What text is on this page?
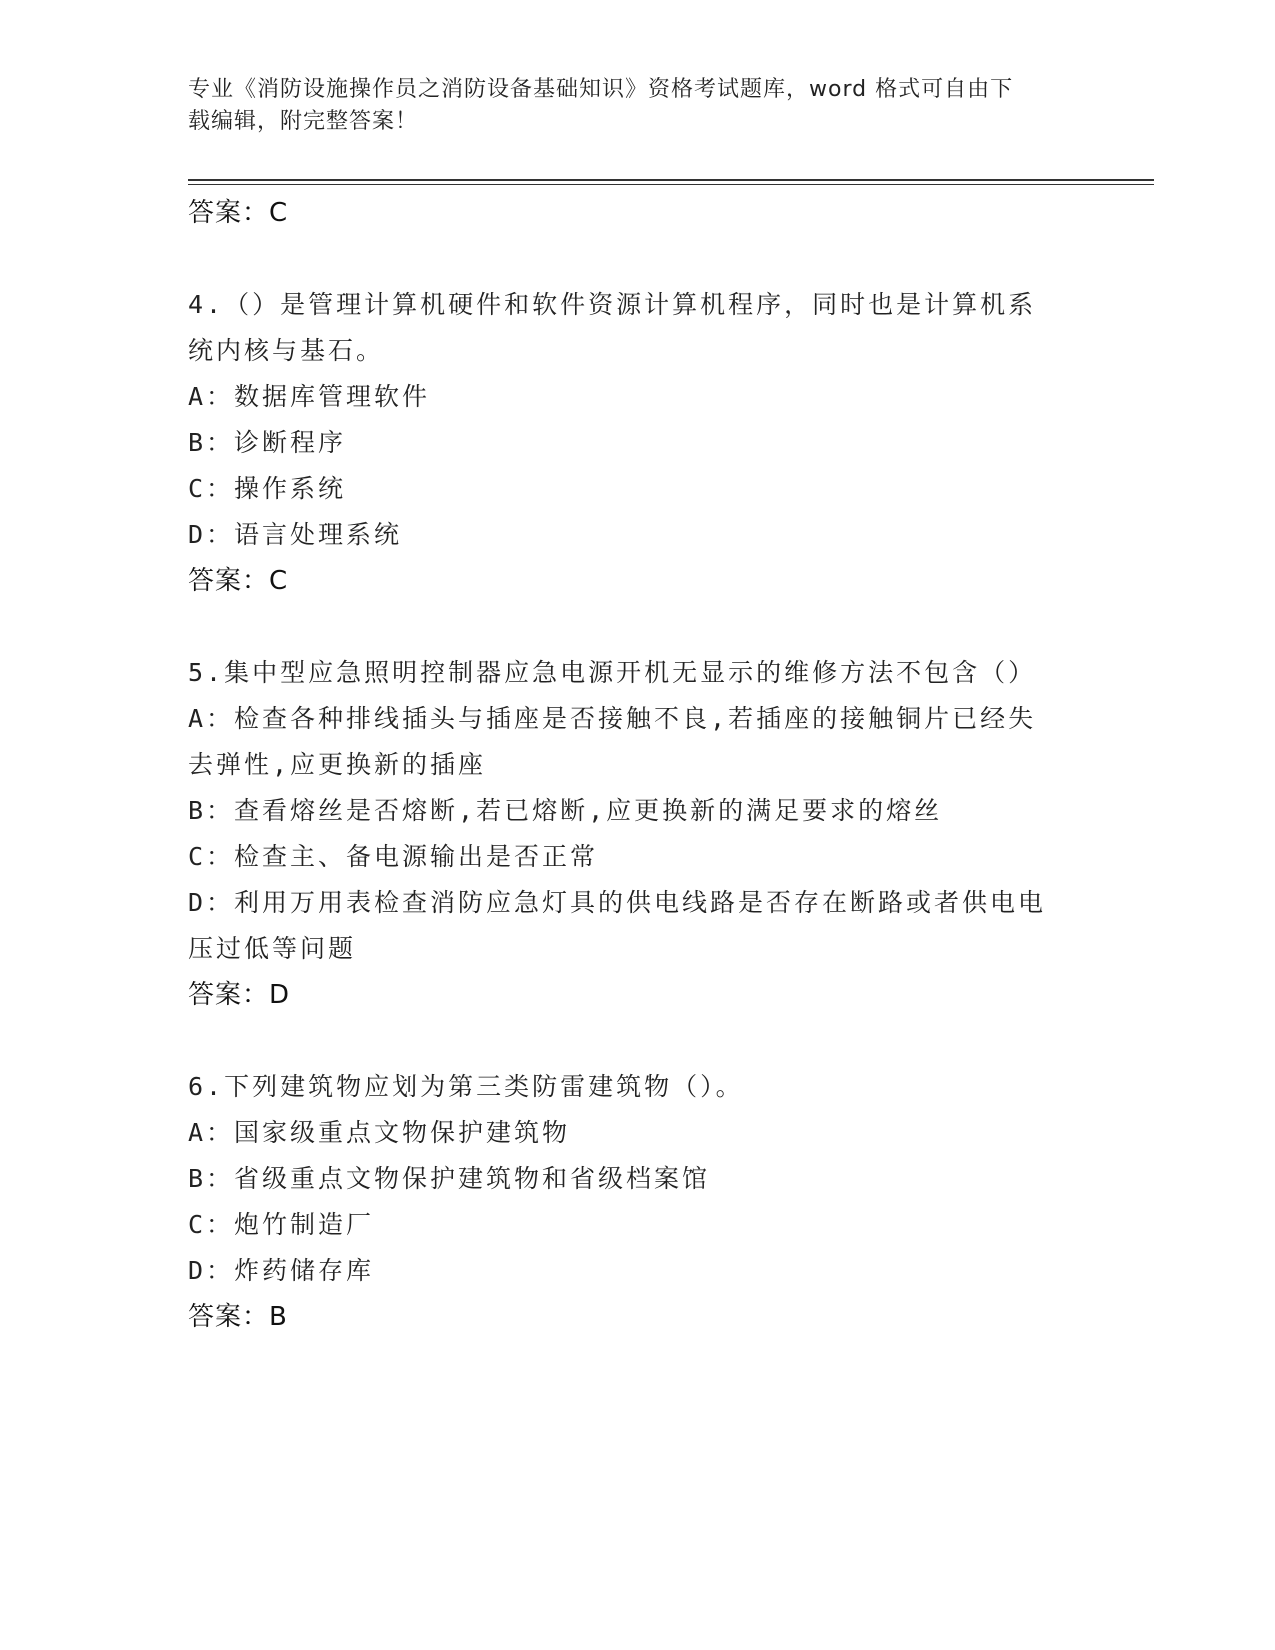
专业《消防设施操作员之消防设备基础知识》资格考试题库，word 格式可自由下
载编辑，附完整答案！
答案：C
4.（）是管理计算机硬件和软件资源计算机程序，同时也是计算机系
统内核与基石。
A：数据库管理软件
B：诊断程序
C：操作系统
D：语言处理系统
答案：C
5.集中型应急照明控制器应急电源开机无显示的维修方法不包含（）
A：检查各种排线插头与插座是否接触不良,若插座的接触铜片已经失
去弹性,应更换新的插座
B：查看熔丝是否熔断,若已熔断,应更换新的满足要求的熔丝
C：检查主、备电源输出是否正常
D：利用万用表检查消防应急灯具的供电线路是否存在断路或者供电电
压过低等问题
答案：D
6.下列建筑物应划为第三类防雷建筑物（）。
A：国家级重点文物保护建筑物
B：省级重点文物保护建筑物和省级档案馆
C：炮竹制造厂
D：炸药储存库
答案：B
